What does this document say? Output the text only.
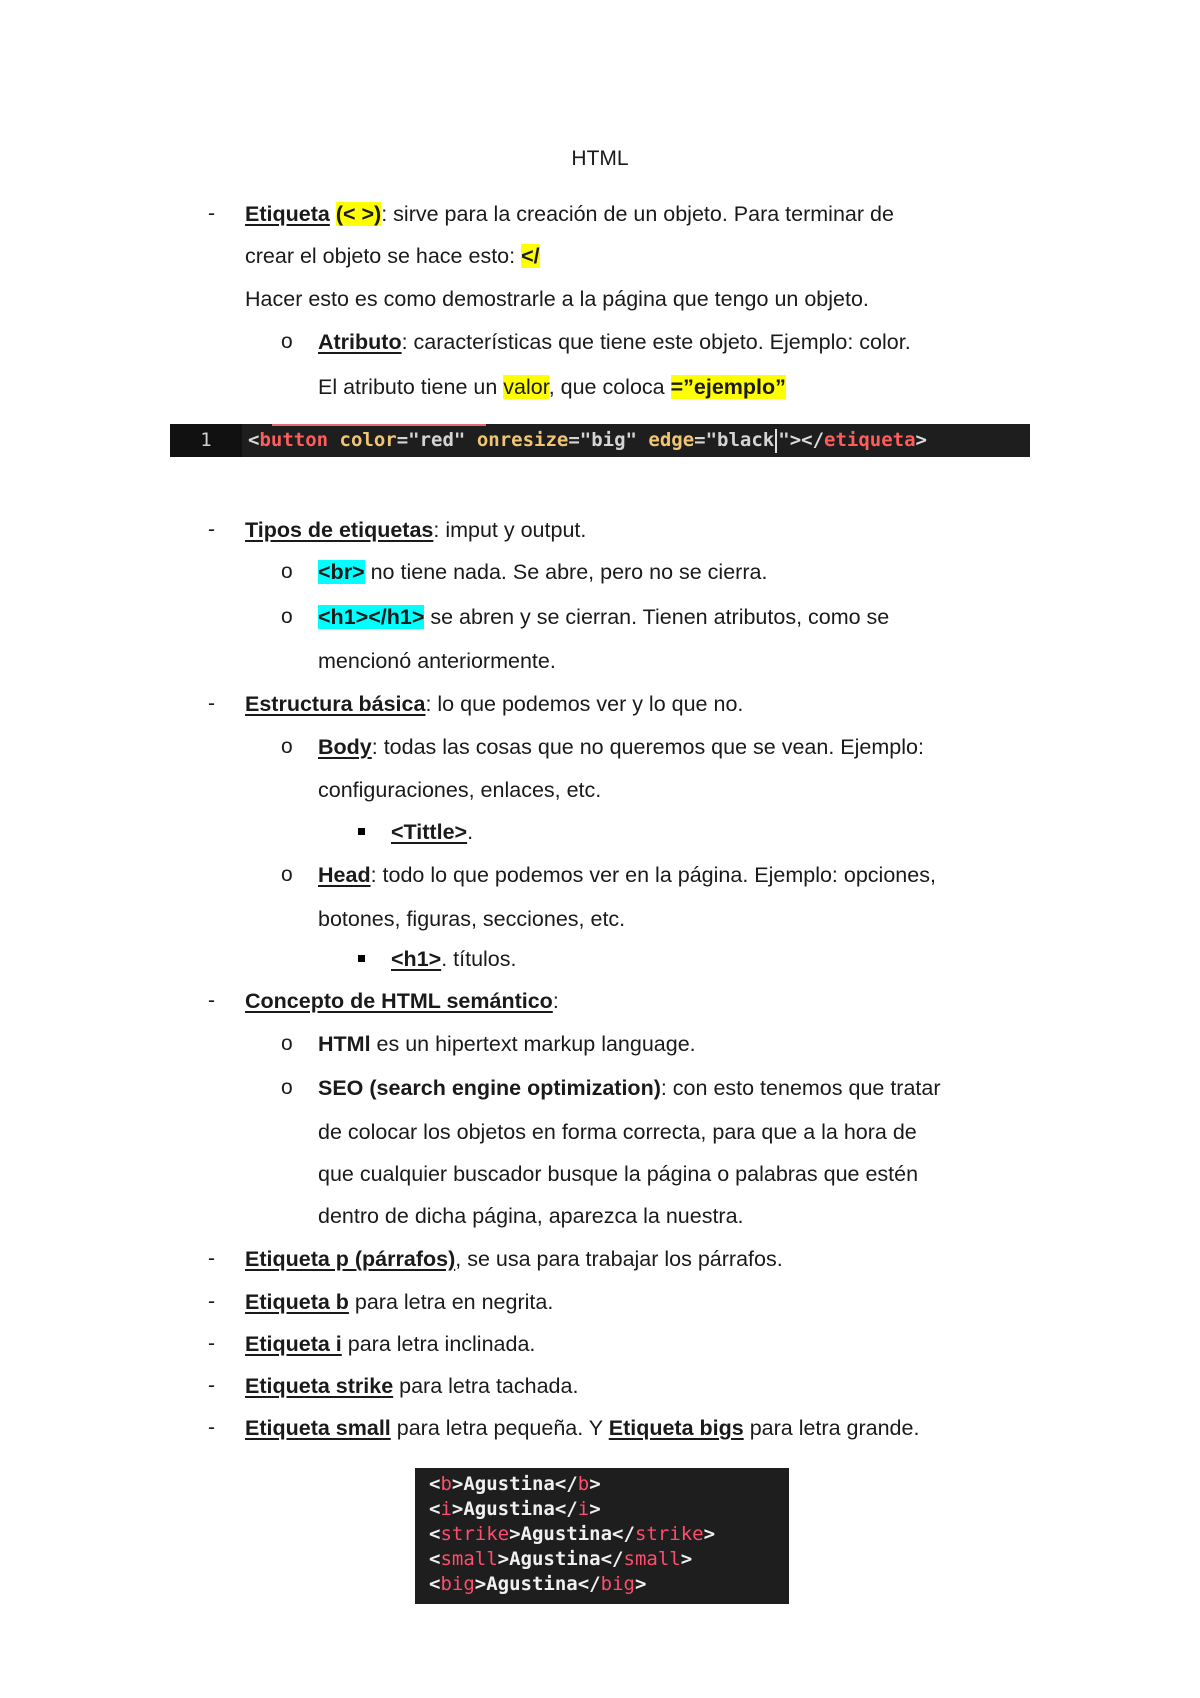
HTML
- Etiqueta (< >): sirve para la creación de un objeto. Para terminar de
crear el objeto se hace esto: </
Hacer esto es como demostrarle a la página que tengo un objeto.
o Atributo: características que tiene este objeto. Ejemplo: color.
El atributo tiene un valor, que coloca =”ejemplo”
1	<button color="red" onresize="big" edge="black "></etiqueta>
- Tipos de etiquetas: imput y output.
o <br> no tiene nada. Se abre, pero no se cierra.
o <h1></h1> se abren y se cierran. Tienen atributos, como se
mencionó anteriormente.
- Estructura básica: lo que podemos ver y lo que no.
o Body: todas las cosas que no queremos que se vean. Ejemplo:
configuraciones, enlaces, etc.
<Tittle>.
o Head: todo lo que podemos ver en la página. Ejemplo: opciones,
botones, figuras, secciones, etc.
<h1>. títulos.
- Concepto de HTML semántico:
o HTMl es un hipertext markup language.
o SEO (search engine optimization): con esto tenemos que tratar
de colocar los objetos en forma correcta, para que a la hora de
que cualquier buscador busque la página o palabras que estén
dentro de dicha página, aparezca la nuestra.
- Etiqueta p (párrafos), se usa para trabajar los párrafos.
- Etiqueta b para letra en negrita.
- Etiqueta i para letra inclinada.
- Etiqueta strike para letra tachada.
- Etiqueta small para letra pequeña. Y Etiqueta bigs para letra grande.
<b>Agustina</b>
<i>Agustina</i>
<strike>Agustina</strike>
<small>Agustina</small>
<big>Agustina</big>
